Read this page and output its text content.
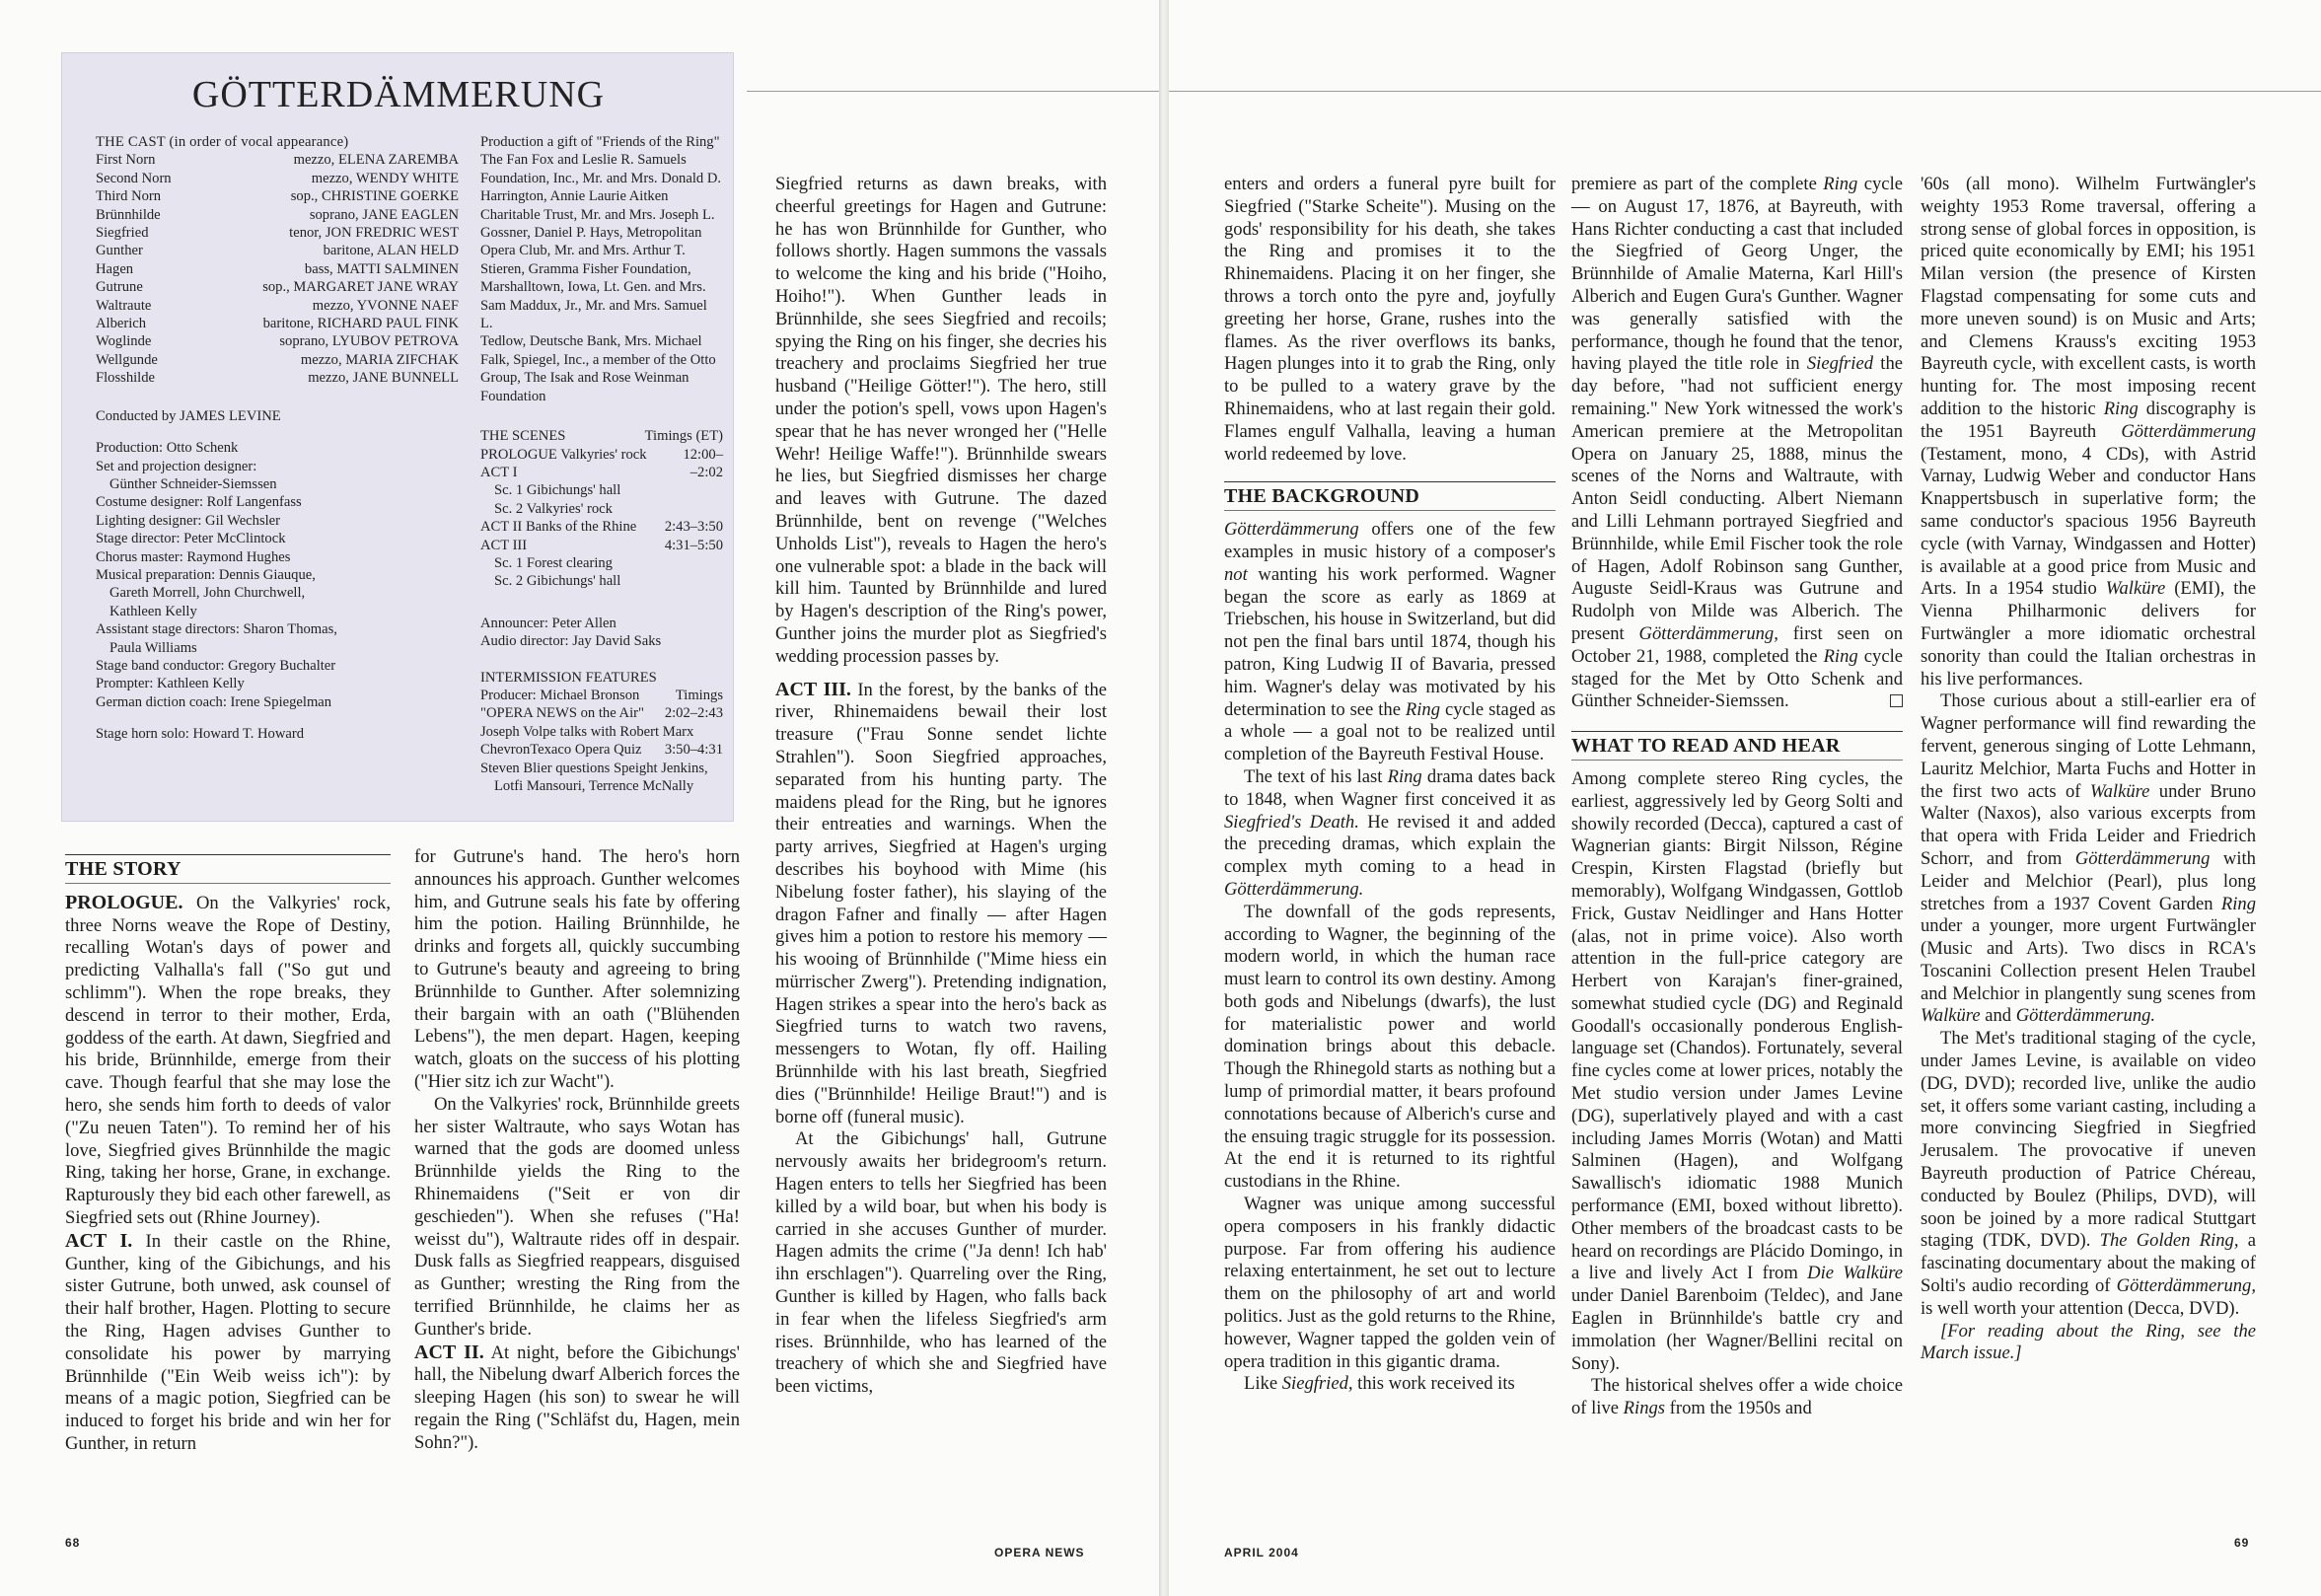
GÖTTERDÄMMERUNG
THE CAST (in order of vocal appearance)
First Norn	mezzo, ELENA ZAREMBA
Second Norn	mezzo, WENDY WHITE
Third Norn	sop., CHRISTINE GOERKE
Brünnhilde	soprano, JANE EAGLEN
Siegfried	tenor, JON FREDRIC WEST
Gunther	baritone, ALAN HELD
Hagen	bass, MATTI SALMINEN
Gutrune	sop., MARGARET JANE WRAY
Waltraute	mezzo, YVONNE NAEF
Alberich	baritone, RICHARD PAUL FINK
Woglinde	soprano, LYUBOV PETROVA
Wellgunde	mezzo, MARIA ZIFCHAK
Flosshilde	mezzo, JANE BUNNELL
Conducted by JAMES LEVINE
Production: Otto Schenk
Set and projection designer:
Günther Schneider-Siemssen
Costume designer: Rolf Langenfass
Lighting designer: Gil Wechsler
Stage director: Peter McClintock
Chorus master: Raymond Hughes
Musical preparation: Dennis Giauque,
Gareth Morrell, John Churchwell,
Kathleen Kelly
Assistant stage directors: Sharon Thomas,
Paula Williams
Stage band conductor: Gregory Buchalter
Prompter: Kathleen Kelly
German diction coach: Irene Spiegelman
Stage horn solo: Howard T. Howard
Production a gift of "Friends of the Ring"
The Fan Fox and Leslie R. Samuels
Foundation, Inc., Mr. and Mrs. Donald D.
Harrington, Annie Laurie Aitken
Charitable Trust, Mr. and Mrs. Joseph L.
Gossner, Daniel P. Hays, Metropolitan
Opera Club, Mr. and Mrs. Arthur T.
Stieren, Gramma Fisher Foundation,
Marshalltown, Iowa, Lt. Gen. and Mrs.
Sam Maddux, Jr., Mr. and Mrs. Samuel L.
Tedlow, Deutsche Bank, Mrs. Michael
Falk, Spiegel, Inc., a member of the Otto
Group, The Isak and Rose Weinman
Foundation
THE SCENES	Timings (ET)
PROLOGUE Valkyries' rock	12:00–
ACT I	–2:02
Sc. 1 Gibichungs' hall
Sc. 2 Valkyries' rock
ACT II Banks of the Rhine 2:43–3:50
ACT III	4:31–5:50
Sc. 1 Forest clearing
Sc. 2 Gibichungs' hall
Announcer: Peter Allen
Audio director: Jay David Saks
INTERMISSION FEATURES
Producer: Michael Bronson	Timings
"OPERA NEWS on the Air" 2:02–2:43
Joseph Volpe talks with Robert Marx
ChevronTexaco Opera Quiz 3:50–4:31
Steven Blier questions Speight Jenkins,
Lotfi Mansouri, Terrence McNally
THE STORY

PROLOGUE. On the Valkyries' rock, three Norns weave the Rope of Destiny, recalling Wotan's days of power and predicting Valhalla's fall ("So gut und schlimm"). When the rope breaks, they descend in terror to their mother, Erda, goddess of the earth. At dawn, Siegfried and his bride, Brünnhilde, emerge from their cave. Though fearful that she may lose the hero, she sends him forth to deeds of valor ("Zu neuen Taten"). To remind her of his love, Siegfried gives Brünnhilde the magic Ring, taking her horse, Grane, in exchange. Rapturously they bid each other farewell, as Siegfried sets out (Rhine Journey).

ACT I. In their castle on the Rhine, Gunther, king of the Gibichungs, and his sister Gutrune, both unwed, ask counsel of their half brother, Hagen. Plotting to secure the Ring, Hagen advises Gunther to consolidate his power by marrying Brünnhilde ("Ein Weib weiss ich"): by means of a magic potion, Siegfried can be induced to forget his bride and win her for Gunther, in return

for Gutrune's hand. The hero's horn announces his approach. Gunther welcomes him, and Gutrune seals his fate by offering him the potion. Hailing Brünnhilde, he drinks and forgets all, quickly succumbing to Gutrune's beauty and agreeing to bring Brünnhilde to Gunther. After solemnizing their bargain with an oath ("Blühenden Lebens"), the men depart. Hagen, keeping watch, gloats on the success of his plotting ("Hier sitz ich zur Wacht").

On the Valkyries' rock, Brünnhilde greets her sister Waltraute, who says Wotan has warned that the gods are doomed unless Brünnhilde yields the Ring to the Rhinemaidens ("Seit er von dir geschieden"). When she refuses ("Ha! weisst du"), Waltraute rides off in despair. Dusk falls as Siegfried reappears, disguised as Gunther; wresting the Ring from the terrified Brünnhilde, he claims her as Gunther's bride.

ACT II. At night, before the Gibichungs' hall, the Nibelung dwarf Alberich forces the sleeping Hagen (his son) to swear he will regain the Ring ("Schläfst du, Hagen, mein Sohn?").

Siegfried returns as dawn breaks, with cheerful greetings for Hagen and Gutrune: he has won Brünnhilde for Gunther, who follows shortly. Hagen summons the vassals to welcome the king and his bride ("Hoiho, Hoiho!"). When Gunther leads in Brünnhilde, she sees Siegfried and recoils; spying the Ring on his finger, she decries his treachery and proclaims Siegfried her true husband ("Heilige Götter!"). The hero, still under the potion's spell, vows upon Hagen's spear that he has never wronged her ("Helle Wehr! Heilige Waffe!"). Brünnhilde swears he lies, but Siegfried dismisses her charge and leaves with Gutrune. The dazed Brünnhilde, bent on revenge ("Welches Unholds List"), reveals to Hagen the hero's one vulnerable spot: a blade in the back will kill him. Taunted by Brünnhilde and lured by Hagen's description of the Ring's power, Gunther joins the murder plot as Siegfried's wedding procession passes by.

ACT III. In the forest, by the banks of the river, Rhinemaidens bewail their lost treasure ("Frau Sonne sendet lichte Strahlen"). Soon Siegfried approaches, separated from his hunting party. The maidens plead for the Ring, but he ignores their entreaties and warnings. When the party arrives, Siegfried at Hagen's urging describes his boyhood with Mime (his Nibelung foster father), his slaying of the dragon Fafner and finally — after Hagen gives him a potion to restore his memory — his wooing of Brünnhilde ("Mime hiess ein mürrischer Zwerg"). Pretending indignation, Hagen strikes a spear into the hero's back as Siegfried turns to watch two ravens, messengers to Wotan, fly off. Hailing Brünnhilde with his last breath, Siegfried dies ("Brünnhilde! Heilige Braut!") and is borne off (funeral music).

At the Gibichungs' hall, Gutrune nervously awaits her bridegroom's return. Hagen enters to tells her Siegfried has been killed by a wild boar, but when his body is carried in she accuses Gunther of murder. Hagen admits the crime ("Ja denn! Ich hab' ihn erschlagen"). Quarreling over the Ring, Gunther is killed by Hagen, who falls back in fear when the lifeless Siegfried's arm rises. Brünnhilde, who has learned of the treachery of which she and Siegfried have been victims,

68
OPERA NEWS

enters and orders a funeral pyre built for Siegfried ("Starke Scheite"). Musing on the gods' responsibility for his death, she takes the Ring and promises it to the Rhinemaidens. Placing it on her finger, she throws a torch onto the pyre and, joyfully greeting her horse, Grane, rushes into the flames. As the river overflows its banks, Hagen plunges into it to grab the Ring, only to be pulled to a watery grave by the Rhinemaidens, who at last regain their gold. Flames engulf Valhalla, leaving a human world redeemed by love.

THE BACKGROUND

Götterdämmerung offers one of the few examples in music history of a composer's not wanting his work performed. Wagner began the score as early as 1869 at Triebschen, his house in Switzerland, but did not pen the final bars until 1874, though his patron, King Ludwig II of Bavaria, pressed him. Wagner's delay was motivated by his determination to see the Ring cycle staged as a whole — a goal not to be realized until completion of the Bayreuth Festival House.

The text of his last Ring drama dates back to 1848, when Wagner first conceived it as Siegfried's Death. He revised it and added the preceding dramas, which explain the complex myth coming to a head in Götterdämmerung.

The downfall of the gods represents, according to Wagner, the beginning of the modern world, in which the human race must learn to control its own destiny. Among both gods and Nibelungs (dwarfs), the lust for materialistic power and world domination brings about this debacle. Though the Rhinegold starts as nothing but a lump of primordial matter, it bears profound connotations because of Alberich's curse and the ensuing tragic struggle for its possession. At the end it is returned to its rightful custodians in the Rhine.

Wagner was unique among successful opera composers in his frankly didactic purpose. Far from offering his audience relaxing entertainment, he set out to lecture them on the philosophy of art and world politics. Just as the gold returns to the Rhine, however, Wagner tapped the golden vein of opera tradition in this gigantic drama.

Like Siegfried, this work received its

premiere as part of the complete Ring cycle — on August 17, 1876, at Bayreuth, with Hans Richter conducting a cast that included the Siegfried of Georg Unger, the Brünnhilde of Amalie Materna, Karl Hill's Alberich and Eugen Gura's Gunther. Wagner was generally satisfied with the performance, though he found that the tenor, having played the title role in Siegfried the day before, "had not sufficient energy remaining." New York witnessed the work's American premiere at the Metropolitan Opera on January 25, 1888, minus the scenes of the Norns and Waltraute, with Anton Seidl conducting. Albert Niemann and Lilli Lehmann portrayed Siegfried and Brünnhilde, while Emil Fischer took the role of Hagen, Adolf Robinson sang Gunther, Auguste Seidl-Kraus was Gutrune and Rudolph von Milde was Alberich. The present Götterdämmerung, first seen on October 21, 1988, completed the Ring cycle staged for the Met by Otto Schenk and Günther Schneider-Siemssen.

WHAT TO READ AND HEAR

Among complete stereo Ring cycles, the earliest, aggressively led by Georg Solti and showily recorded (Decca), captured a cast of Wagnerian giants: Birgit Nilsson, Régine Crespin, Kirsten Flagstad (briefly but memorably), Wolfgang Windgassen, Gottlob Frick, Gustav Neidlinger and Hans Hotter (alas, not in prime voice). Also worth attention in the full-price category are Herbert von Karajan's finer-grained, somewhat studied cycle (DG) and Reginald Goodall's occasionally ponderous English-language set (Chandos). Fortunately, several fine cycles come at lower prices, notably the Met studio version under James Levine (DG), superlatively played and with a cast including James Morris (Wotan) and Matti Salminen (Hagen), and Wolfgang Sawallisch's idiomatic 1988 Munich performance (EMI, boxed without libretto). Other members of the broadcast casts to be heard on recordings are Plácido Domingo, in a live and lively Act I from Die Walküre under Daniel Barenboim (Teldec), and Jane Eaglen in Brünnhilde's battle cry and immolation (her Wagner/Bellini recital on Sony).

The historical shelves offer a wide choice of live Rings from the 1950s and

'60s (all mono). Wilhelm Furtwängler's weighty 1953 Rome traversal, offering a strong sense of global forces in opposition, is priced quite economically by EMI; his 1951 Milan version (the presence of Kirsten Flagstad compensating for some cuts and more uneven sound) is on Music and Arts; and Clemens Krauss's exciting 1953 Bayreuth cycle, with excellent casts, is worth hunting for. The most imposing recent addition to the historic Ring discography is the 1951 Bayreuth Götterdämmerung (Testament, mono, 4 CDs), with Astrid Varnay, Ludwig Weber and conductor Hans Knappertsbusch in superlative form; the same conductor's spacious 1956 Bayreuth cycle (with Varnay, Windgassen and Hotter) is available at a good price from Music and Arts. In a 1954 studio Walküre (EMI), the Vienna Philharmonic delivers for Furtwängler a more idiomatic orchestral sonority than could the Italian orchestras in his live performances.

Those curious about a still-earlier era of Wagner performance will find rewarding the fervent, generous singing of Lotte Lehmann, Lauritz Melchior, Marta Fuchs and Hotter in the first two acts of Walküre under Bruno Walter (Naxos), also various excerpts from that opera with Frida Leider and Friedrich Schorr, and from Götterdämmerung with Leider and Melchior (Pearl), plus long stretches from a 1937 Covent Garden Ring under a younger, more urgent Furtwängler (Music and Arts). Two discs in RCA's Toscanini Collection present Helen Traubel and Melchior in plangently sung scenes from Walküre and Götterdämmerung.

The Met's traditional staging of the cycle, under James Levine, is available on video (DG, DVD); recorded live, unlike the audio set, it offers some variant casting, including a more convincing Siegfried in Siegfried Jerusalem. The provocative if uneven Bayreuth production of Patrice Chéreau, conducted by Boulez (Philips, DVD), will soon be joined by a more radical Stuttgart staging (TDK, DVD). The Golden Ring, a fascinating documentary about the making of Solti's audio recording of Götterdämmerung, is well worth your attention (Decca, DVD).

[For reading about the Ring, see the March issue.]

APRIL 2004
69
